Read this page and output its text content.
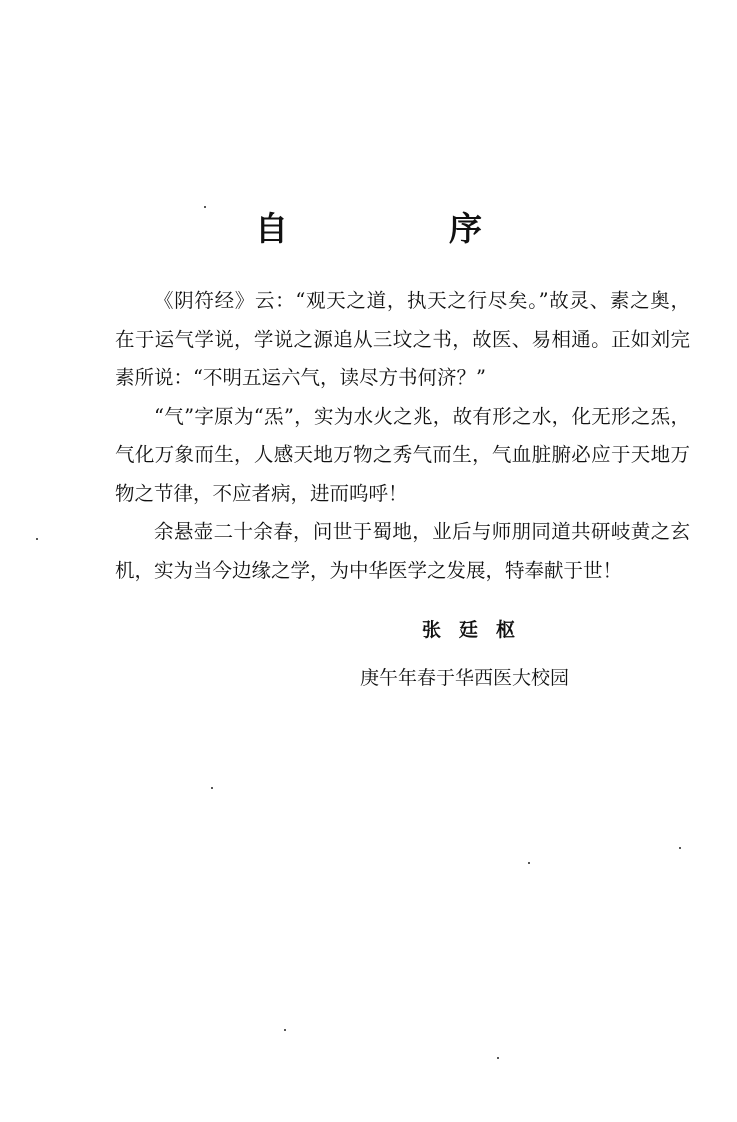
自　序

《阴符经》云：“观天之道，执天之行尽矣。”故灵、素之奥，在于运气学说，学说之源追从三坟之书，故医、易相通。正如刘完素所说：“不明五运六气，读尽方书何济？”

“气”字原为“炁”，实为水火之兆，故有形之水，化无形之炁，气化万象而生，人感天地万物之秀气而生，气血脏腑必应于天地万物之节律，不应者病，进而呜呼！

余悬壶二十余春，问世于蜀地，业后与师朋同道共研岐黄之玄机，实为当今边缘之学，为中华医学之发展，特奉献于世！

张廷枢
庚午年春于华西医大校园
